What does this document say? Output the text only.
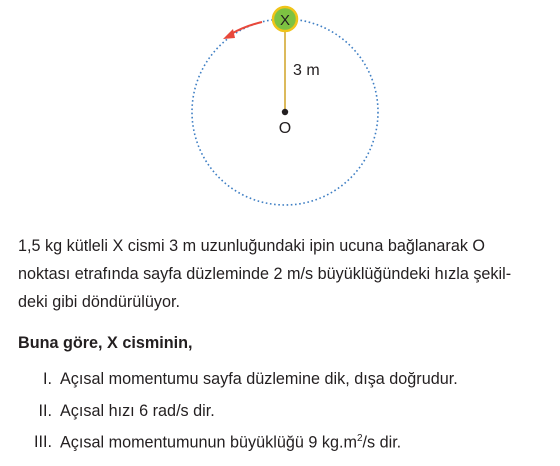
O
3 m
X
1,5 kg kütleli X cismi 3 m uzunluğundaki ipin ucuna bağlanarak O
noktası etrafında sayfa düzleminde 2 m/s büyüklüğündeki hızla şekil-
deki gibi döndürülüyor.
Buna göre, X cisminin,
I. Açısal momentumu sayfa düzlemine dik, dışa doğrudur.
II. Açısal hızı 6 rad/s dir.
III. Açısal momentumunun büyüklüğü 9 $kg.m^2/s$ dir.
